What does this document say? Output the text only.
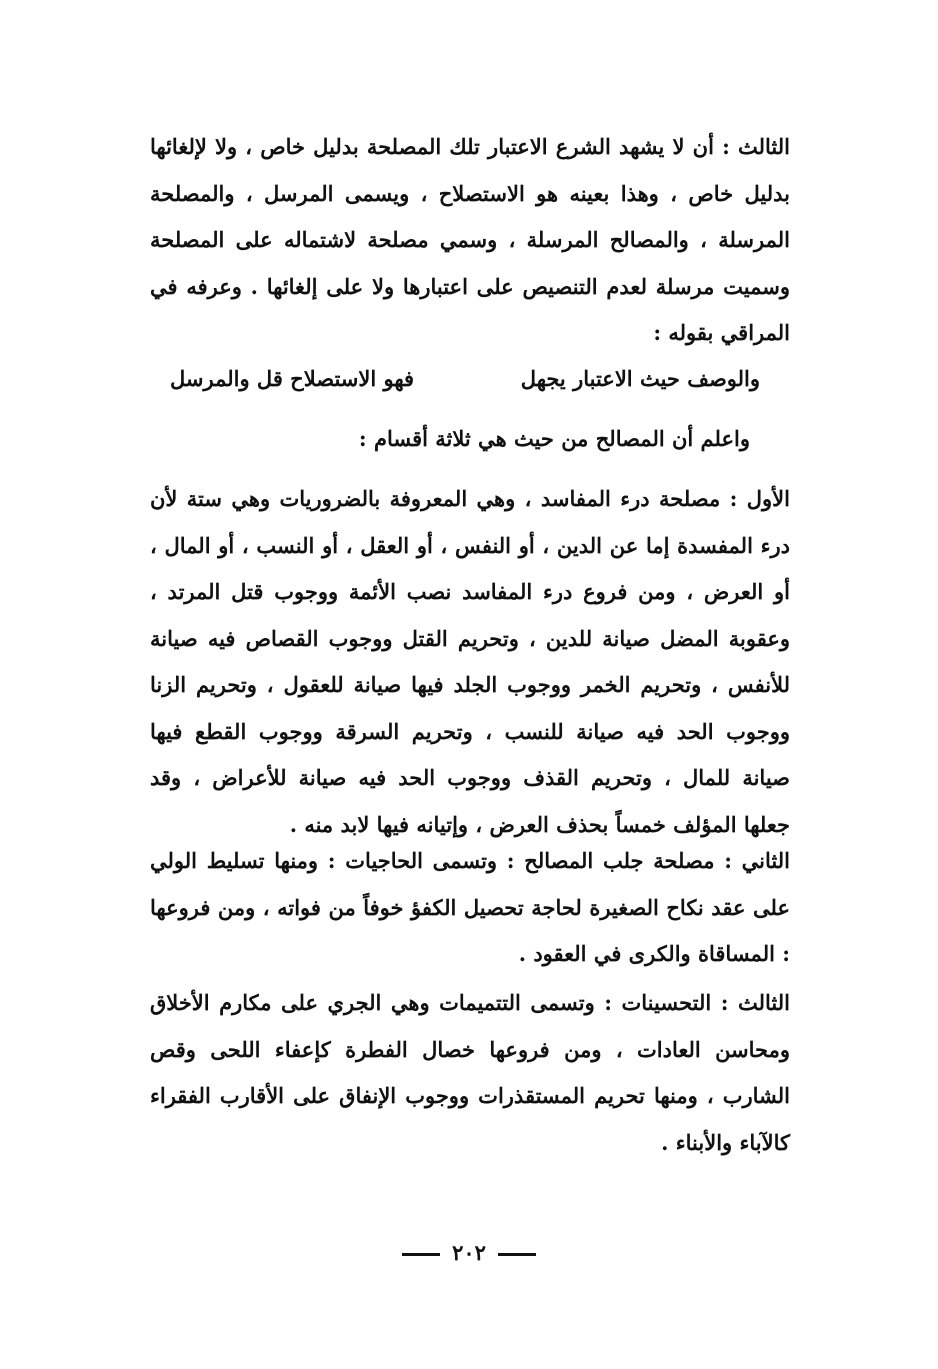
الثالث : أن لا يشهد الشرع الاعتبار تلك المصلحة بدليل خاص ، ولا لإلغائها بدليل خاص ، وهذا بعينه هو الاستصلاح ، ويسمى المرسل ، والمصلحة المرسلة ، والمصالح المرسلة ، وسمي مصلحة لاشتماله على المصلحة وسميت مرسلة لعدم التنصيص على اعتبارها ولا على إلغائها . وعرفه في المراقي بقوله :

والوصف حيث الاعتبار يجهل
فهو الاستصلاح قل والمرسل

واعلم أن المصالح من حيث هي ثلاثة أقسام :

الأول : مصلحة درء المفاسد ، وهي المعروفة بالضروريات وهي ستة لأن درء المفسدة إما عن الدين ، أو النفس ، أو العقل ، أو النسب ، أو المال ، أو العرض ، ومن فروع درء المفاسد نصب الأئمة ووجوب قتل المرتد ، وعقوبة المضل صيانة للدين ، وتحريم القتل ووجوب القصاص فيه صيانة للأنفس ، وتحريم الخمر ووجوب الجلد فيها صيانة للعقول ، وتحريم الزنا ووجوب الحد فيه صيانة للنسب ، وتحريم السرقة ووجوب القطع فيها صيانة للمال ، وتحريم القذف ووجوب الحد فيه صيانة للأعراض ، وقد جعلها المؤلف خمساً بحذف العرض ، وإتيانه فيها لابد منه .

الثاني : مصلحة جلب المصالح : وتسمى الحاجيات : ومنها تسليط الولي على عقد نكاح الصغيرة لحاجة تحصيل الكفؤ خوفاً من فواته ، ومن فروعها : المساقاة والكرى في العقود .

الثالث : التحسينات : وتسمى التتميمات وهي الجري على مكارم الأخلاق ومحاسن العادات ، ومن فروعها خصال الفطرة كإعفاء اللحى وقص الشارب ، ومنها تحريم المستقذرات ووجوب الإنفاق على الأقارب الفقراء كالآباء والأبناء .

٢٠٢
